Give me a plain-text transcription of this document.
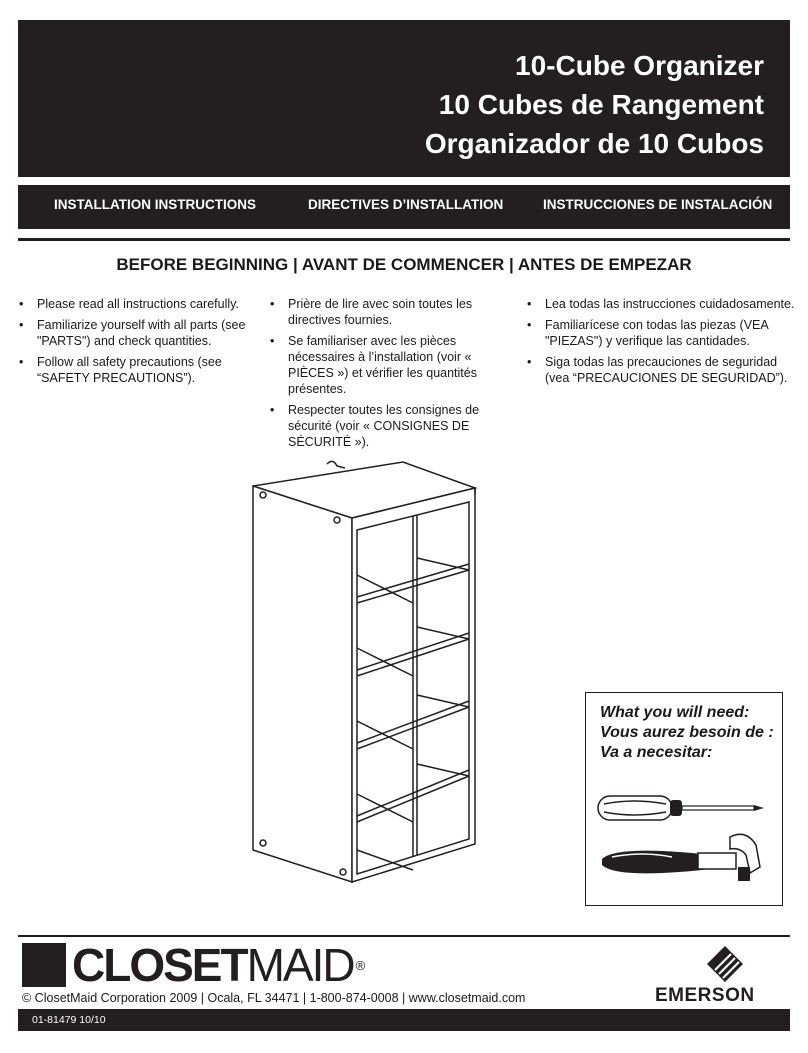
10-Cube Organizer
10 Cubes de Rangement
Organizador de 10 Cubos
INSTALLATION INSTRUCTIONS	DIRECTIVES D’INSTALLATION	INSTRUCCIONES DE INSTALACIÓN
BEFORE BEGINNING | AVANT DE COMMENCER | ANTES DE EMPEZAR
• Please read all instructions carefully.
• Familiarize yourself with all parts (see "PARTS") and check quantities.
• Follow all safety precautions (see “SAFETY PRECAUTIONS”).
• Prière de lire avec soin toutes les directives fournies.
• Se familiariser avec les pièces nécessaires à l’installation (voir « PIÈCES ») et vérifier les quantités présentes.
• Respecter toutes les consignes de sécurité (voir « CONSIGNES DE SÉCURITÉ »).
• Lea todas las instrucciones cuidadosamente.
• Familiarícese con todas las piezas (VEA "PIEZAS") y verifique las cantidades.
• Siga todas las precauciones de seguridad (vea “PRECAUCIONES DE SEGURIDAD”).
What you will need:
Vous aurez besoin de :
Va a necesitar:
CLOSETMAID ®
EMERSON
© ClosetMaid Corporation 2009 | Ocala, FL 34471 | 1-800-874-0008 | www.closetmaid.com
01-81479 10/10
